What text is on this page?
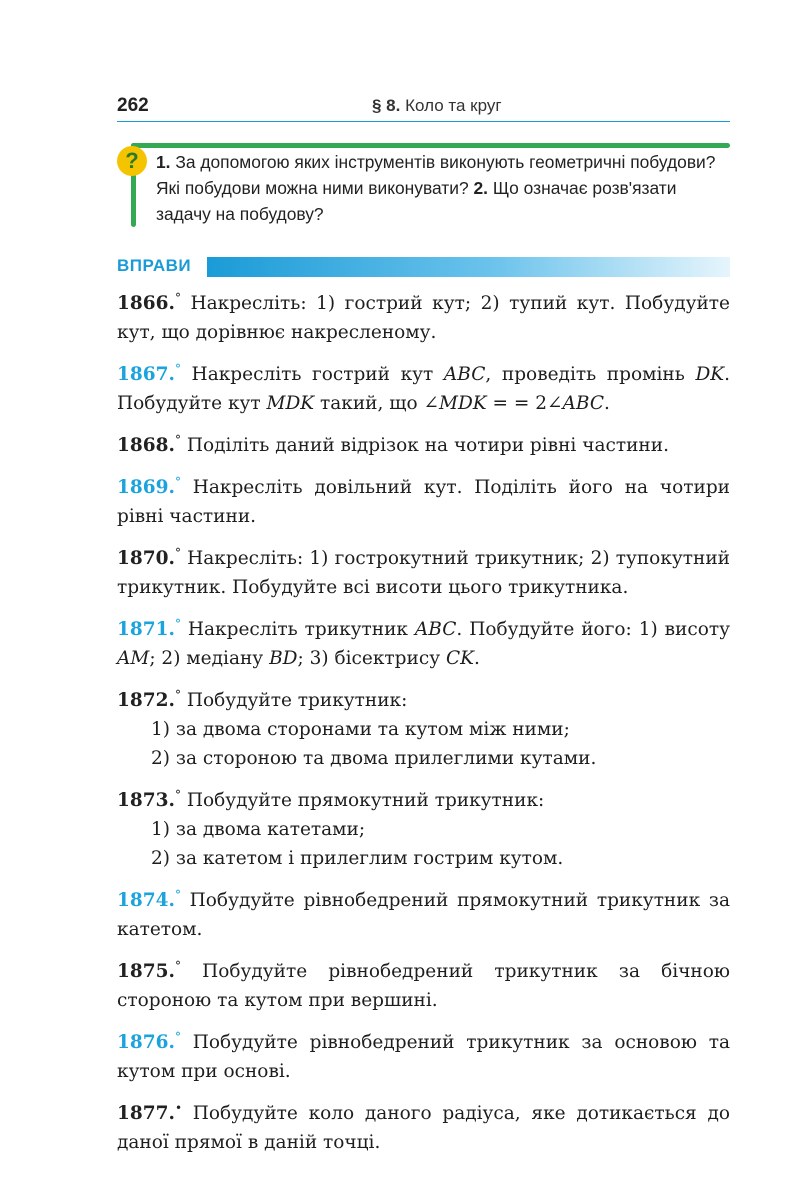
262	§ 8. Коло та круг
? 1. За допомогою яких інструментів виконують геометричні побудови? Які побудови можна ними виконувати? 2. Що означає розв'язати задачу на побудову?
ВПРАВИ

1866.° Накресліть: 1) гострий кут; 2) тупий кут. Побудуйте кут, що дорівнює накресленому.

1867.° Накресліть гострий кут ABC, проведіть промінь DK. Побудуйте кут MDK такий, що ∠MDK = = 2∠ABC.

1868.° Поділіть даний відрізок на чотири рівні частини.

1869.° Накресліть довільний кут. Поділіть його на чотири рівні частини.

1870.° Накресліть: 1) гострокутний трикутник; 2) тупокутний трикутник. Побудуйте всі висоти цього трикутника.

1871.° Накресліть трикутник ABC. Побудуйте його: 1) висоту AM; 2) медіану BD; 3) бісектрису CK.

1872.° Побудуйте трикутник:
1) за двома сторонами та кутом між ними;
2) за стороною та двома прилеглими кутами.
1873.° Побудуйте прямокутний трикутник:
1) за двома катетами;
2) за катетом і прилеглим гострим кутом.

1874.° Побудуйте рівнобедрений прямокутний трикутник за катетом.

1875.° Побудуйте рівнобедрений трикутник за бічною стороною та кутом при вершині.

1876.° Побудуйте рівнобедрений трикутник за основою та кутом при основі.

1877.• Побудуйте коло даного радіуса, яке дотикається до даної прямої в даній точці.
